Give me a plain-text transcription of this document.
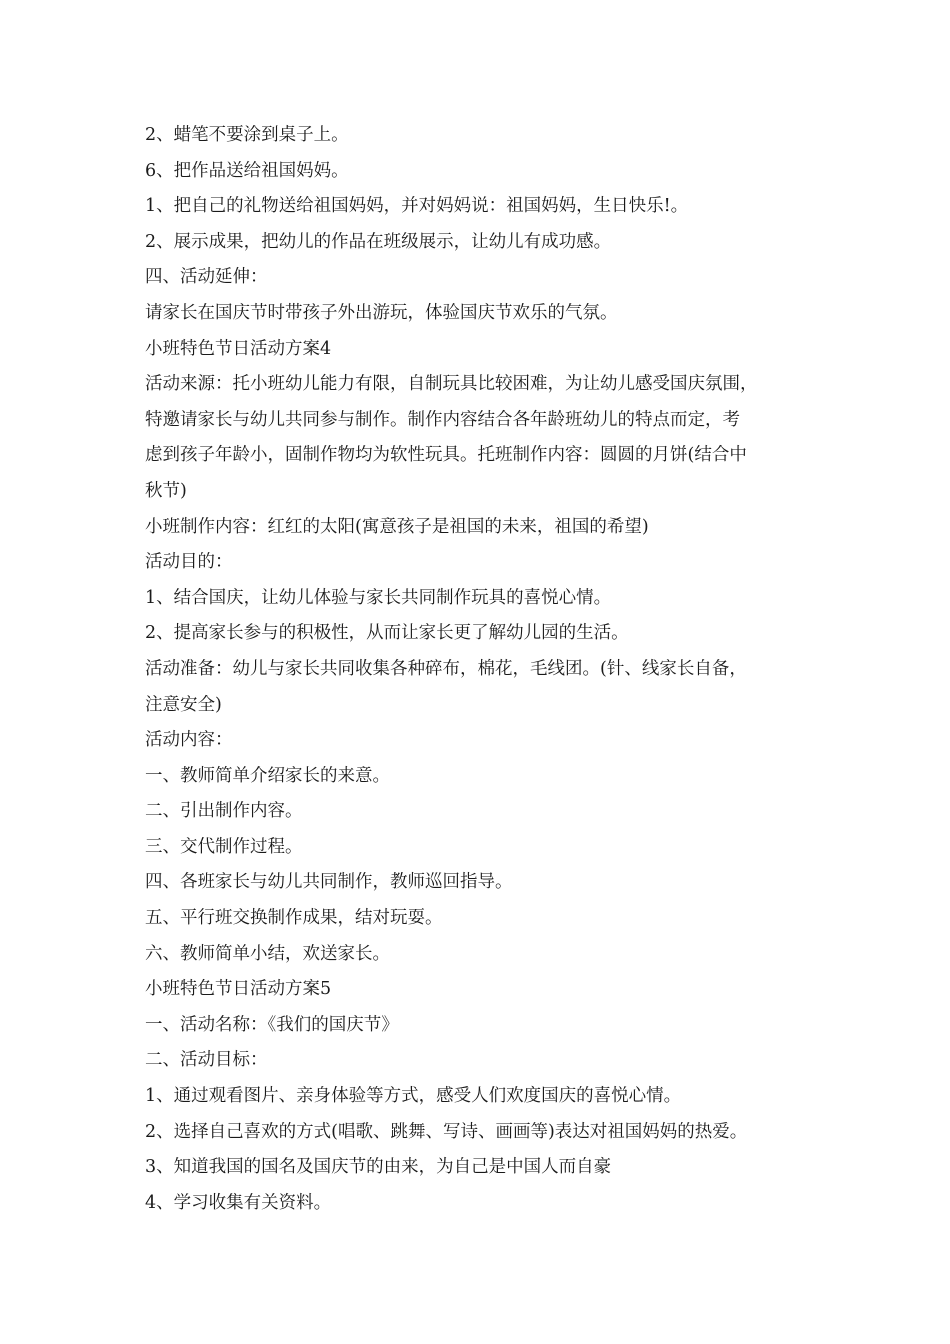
2、蜡笔不要涂到桌子上。

6、把作品送给祖国妈妈。

1、把自己的礼物送给祖国妈妈，并对妈妈说：祖国妈妈，生日快乐!。

2、展示成果，把幼儿的作品在班级展示，让幼儿有成功感。

四、活动延伸：

请家长在国庆节时带孩子外出游玩，体验国庆节欢乐的气氛。

小班特色节日活动方案4

活动来源：托小班幼儿能力有限，自制玩具比较困难，为让幼儿感受国庆氛围，

特邀请家长与幼儿共同参与制作。制作内容结合各年龄班幼儿的特点而定，考

虑到孩子年龄小，固制作物均为软性玩具。托班制作内容：圆圆的月饼(结合中

秋节)

小班制作内容：红红的太阳(寓意孩子是祖国的未来，祖国的希望)

活动目的：

1、结合国庆，让幼儿体验与家长共同制作玩具的喜悦心情。

2、提高家长参与的积极性，从而让家长更了解幼儿园的生活。

活动准备：幼儿与家长共同收集各种碎布，棉花，毛线团。(针、线家长自备，

注意安全)

活动内容：

一、教师简单介绍家长的来意。

二、引出制作内容。

三、交代制作过程。

四、各班家长与幼儿共同制作，教师巡回指导。

五、平行班交换制作成果，结对玩耍。

六、教师简单小结，欢送家长。

小班特色节日活动方案5

一、活动名称：《我们的国庆节》

二、活动目标：

1、通过观看图片、亲身体验等方式，感受人们欢度国庆的喜悦心情。

2、选择自己喜欢的方式(唱歌、跳舞、写诗、画画等)表达对祖国妈妈的热爱。

3、知道我国的国名及国庆节的由来，为自己是中国人而自豪

4、学习收集有关资料。
